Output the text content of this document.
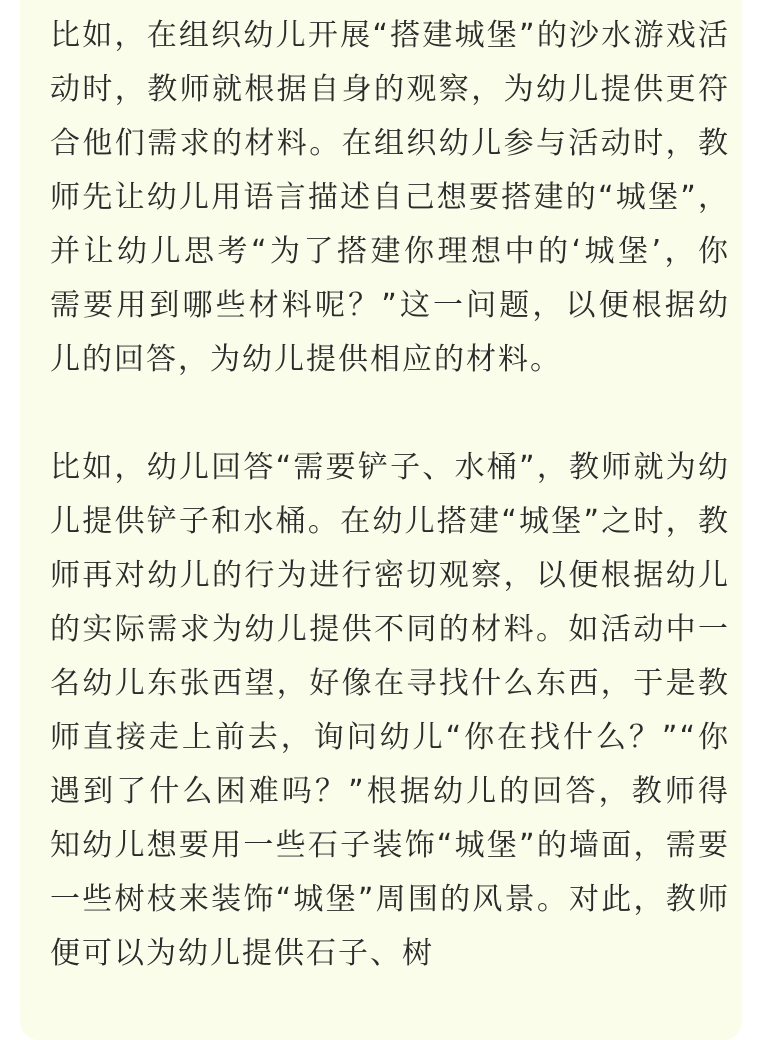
比如，在组织幼儿开展“搭建城堡”的沙水游戏活动时，教师就根据自身的观察，为幼儿提供更符合他们需求的材料。在组织幼儿参与活动时，教师先让幼儿用语言描述自己想要搭建的“城堡”，并让幼儿思考“为了搭建你理想中的‘城堡’，你需要用到哪些材料呢？”这一问题，以便根据幼儿的回答，为幼儿提供相应的材料。

比如，幼儿回答“需要铲子、水桶”，教师就为幼儿提供铲子和水桶。在幼儿搭建“城堡”之时，教师再对幼儿的行为进行密切观察，以便根据幼儿的实际需求为幼儿提供不同的材料。如活动中一名幼儿东张西望，好像在寻找什么东西，于是教师直接走上前去，询问幼儿“你在找什么？”“你遇到了什么困难吗？”根据幼儿的回答，教师得知幼儿想要用一些石子装饰“城堡”的墙面，需要一些树枝来装饰“城堡”周围的风景。对此，教师便可以为幼儿提供石子、树
